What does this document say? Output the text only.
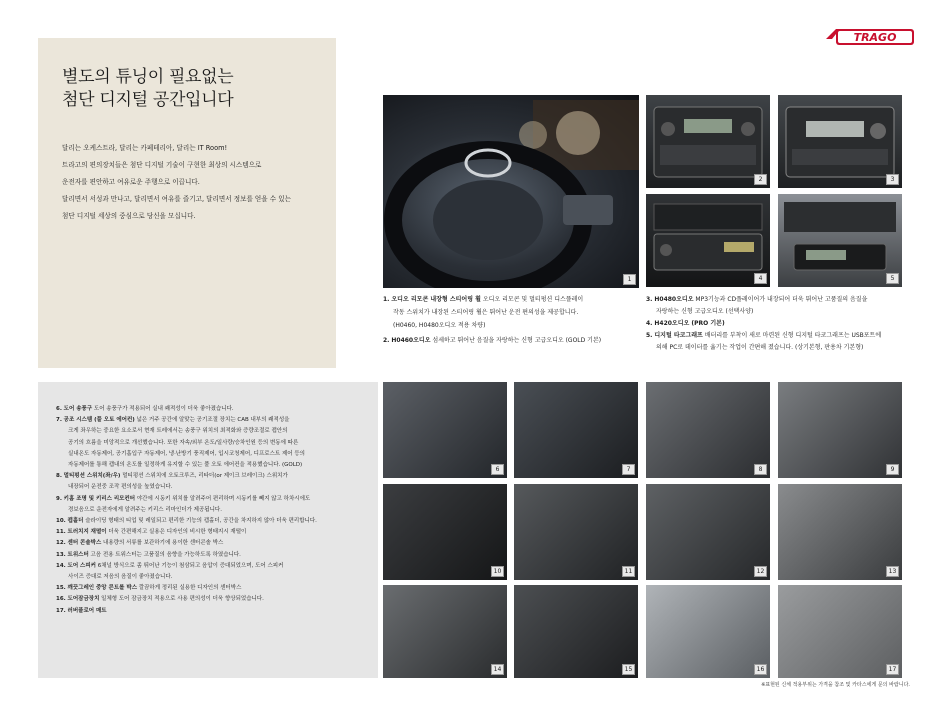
TRAGO
별도의 튜닝이 필요없는
첨단 디지털 공간입니다
달리는 오케스트라, 달리는 카페테리아, 달리는 IT Room!
트라고의 편의장치들은 첨단 디지털 기술이 구현한 최상의 시스템으로
운전자를 편안하고 여유로운 주행으로 이끕니다.
달리면서 서성과 만나고, 달리면서 여유를 즐기고, 달리면서 정보를 얻을 수 있는
첨단 디지털 세상의 중심으로 당신을 모십니다.
1
2	3
4	5
1. 오디오 리모콘 내장형 스티어링 휠 오디오 리모콘 및 멀티펑션 디스플레이
작동 스위치가 내장된 스티어링 휠은 뛰어난 운전 편의성을 제공합니다.
(H0460, H0480오디오 적용 차량)
2. H0460오디오 섬세하고 뛰어난 음질을 자랑하는 신형 고급오디오 (GOLD 기본)
3. H0480오디오 MP3기능과 CD플레이어가 내장되어 더욱 뛰어난 고품질의 음질을
자랑하는 신형 고급오디오 (선택사양)
4. H420오디오 (PRO 기본)
5. 디지털 타코그래프 배터리를 부착이 새로 마련된 신형 디지털 타코그래프는 USB포트에
의해 PC로 데이터를 옮기는 작업이 간편해 졌습니다. (상기본형, 판용차 기본형)
6. 도어 송풍구 도어 송풍구가 적용되어 실내 쾌적성이 더욱 좋아졌습니다.
7. 공조 시스템 (풀 오토 에어컨) 넓은 거주 공간에 알맞는 공기조절 장치는 CAB 내부의 쾌적성을
크게 좌우하는 중요한 요소로서 현재 트레에서는 송풍구 위치의 최적화와 증량조절로 캡안의
공기의 흐름을 미앙적으로 개선했습니다. 또한 자속/외부 온도/일사량/승차인원 등의 변동에 따른
실내온도 자동제어, 공기흡입구 자동제어, 냉·난방기 풍직제어, 입시코청제어, 디프로스트 제어 등의
자동제어를 통해 캡내의 온도를 일정하게 유지할 수 있는 풀 오토 에어컨을 적용했습니다. (GOLD)
8. 멀티펑션 스위치(좌/우) 멀티펑션 스위치에 오토크루즈, 리타더(or 제이크 브레이크) 스위치가
내장되어 운전중 조작 편의성을 높였습니다.
9. 키홈 조명 및 키리스 리모컨터 야간에 시동키 위치를 알려주어 편리하며 시동키를 빼지 않고 하차시에도
경보음으로 운전자에게 알려주는 키리스 리마인더가 제공됩니다.
10. 캡홀더 슬라이딩 형태의 티업 및 레일되고 편리한 기능의 캡홀더, 공간을 차지하지 않아 더욱 편리합니다.
11. 트러치지 재떨이 더욱 간편해지고 실용은 디자인의 비시한 형태지시 재떨이
12. 센터 콘솔박스 내용량의 서류를 보관하기에 용이한 센터콘솔 박스
13. 트위스터 고음 전용 트위스터는 고품질의 음향을 가능하도록 하였습니다.
14. 도어 스피커 6채널 방식으로 좀 뛰어난 기능이 첨삼되고 음압이 증대되었으며, 도어 스피커
사이즈 증대로 저음의 음질이 좋아졌습니다.
15. 깨끗그레인 중앙 콘트롤 박스 깔끔하게 정리된 실용한 디자인의 센터박스
16. 도어잠금장치 일체형 도어 잠금장치 적용으로 사용 편의성이 더욱 향상되었습니다.
17. 러버플로어 매트
6	7	8	9
10	11	12	13
14	15	16	17
※표현된 신체 적용부위는 가격을 참조 및 카타스에게 문의 바랍니다.
